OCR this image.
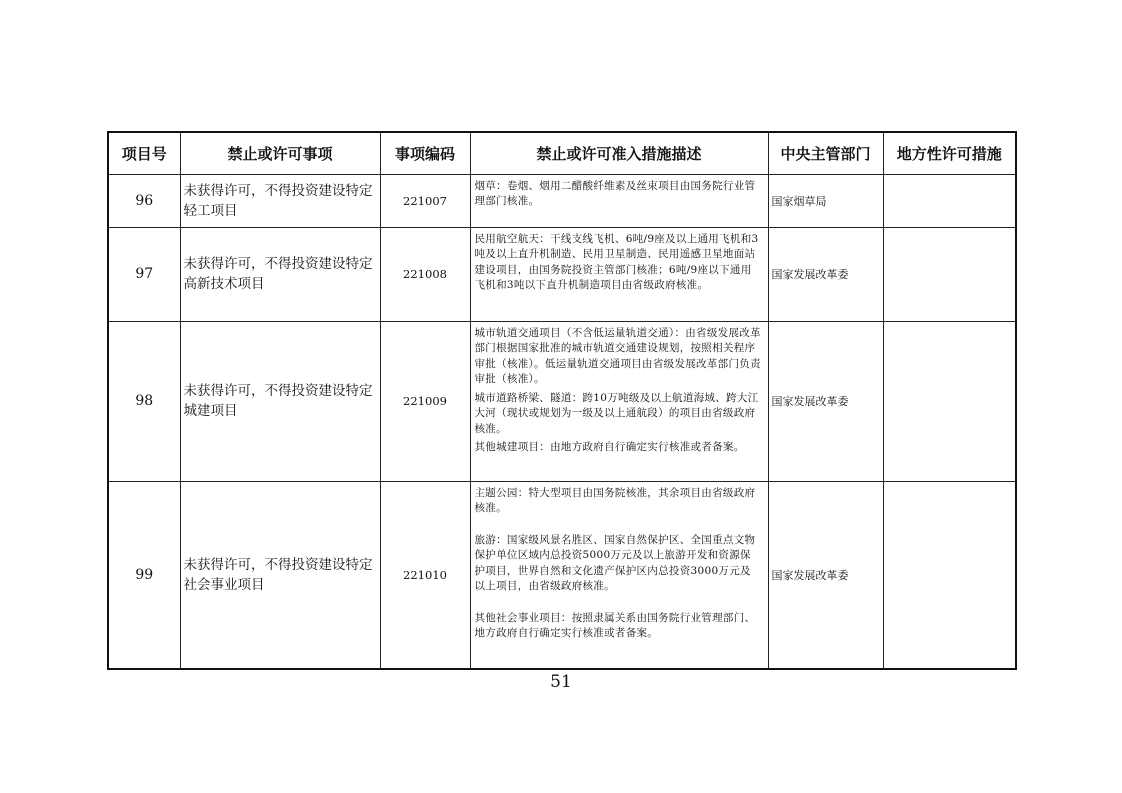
项目号	禁止或许可事项	事项编码	禁止或许可准入措施描述	中央主管部门	地方性许可措施
96	未获得许可，不得投资建设特定轻工项目	221007	烟草：卷烟、烟用二醋酸纤维素及丝束项目由国务院行业管理部门核准。	国家烟草局	
97	未获得许可，不得投资建设特定高新技术项目	221008	民用航空航天：干线支线飞机、6吨/9座及以上通用飞机和3吨及以上直升机制造、民用卫星制造、民用遥感卫星地面站建设项目，由国务院投资主管部门核准；6吨/9座以下通用飞机和3吨以下直升机制造项目由省级政府核准。	国家发展改革委	
98	未获得许可，不得投资建设特定城建项目	221009	城市轨道交通项目（不含低运量轨道交通）：由省级发展改革部门根据国家批准的城市轨道交通建设规划，按照相关程序审批（核准）。低运量轨道交通项目由省级发展改革部门负责审批（核准）。

城市道路桥梁、隧道：跨10万吨级及以上航道海域、跨大江大河（现状或规划为一级及以上通航段）的项目由省级政府核准。

其他城建项目：由地方政府自行确定实行核准或者备案。	国家发展改革委	
99	未获得许可，不得投资建设特定社会事业项目	221010	主题公园：特大型项目由国务院核准，其余项目由省级政府核准。

旅游：国家级风景名胜区、国家自然保护区、全国重点文物保护单位区域内总投资5000万元及以上旅游开发和资源保护项目，世界自然和文化遗产保护区内总投资3000万元及以上项目，由省级政府核准。

其他社会事业项目：按照隶属关系由国务院行业管理部门、地方政府自行确定实行核准或者备案。	国家发展改革委	
51
